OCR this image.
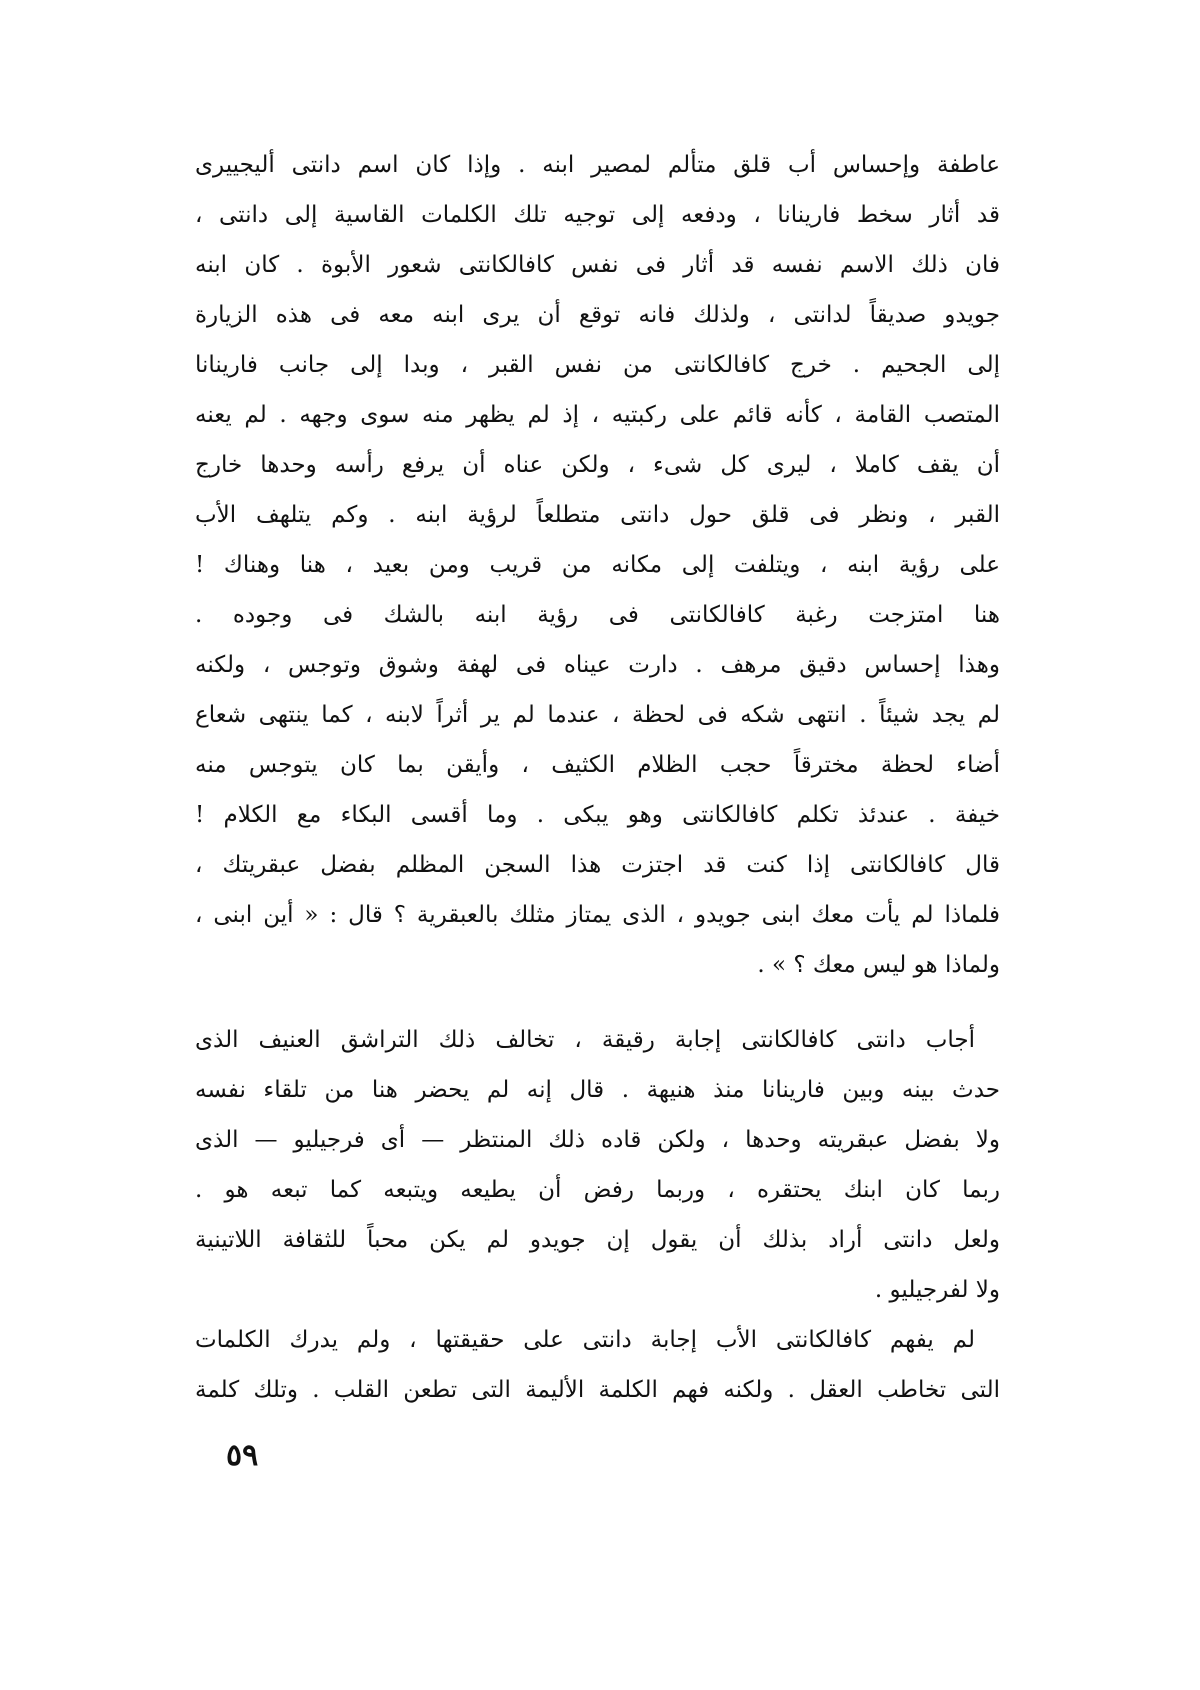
عاطفة وإحساس أب قلق متألم لمصير ابنه . وإذا كان اسم دانتى أليجييرى
قد أثار سخط فارينانا ، ودفعه إلى توجيه تلك الكلمات القاسية إلى دانتى ،
فان ذلك الاسم نفسه قد أثار فى نفس كافالكانتى شعور الأبوة . كان ابنه
جويدو صديقاً لدانتى ، ولذلك فانه توقع أن يرى ابنه معه فى هذه الزيارة
إلى الجحيم . خرج كافالكانتى من نفس القبر ، وبدا إلى جانب فارينانا
المتصب القامة ، كأنه قائم على ركبتيه ، إذ لم يظهر منه سوى وجهه . لم يعنه
أن يقف كاملا ، ليرى كل شىء ، ولكن عناه أن يرفع رأسه وحدها خارج
القبر ، ونظر فى قلق حول دانتى متطلعاً لرؤية ابنه . وكم يتلهف الأب
على رؤية ابنه ، ويتلفت إلى مكانه من قريب ومن بعيد ، هنا وهناك !
هنا امتزجت رغبة كافالكانتى فى رؤية ابنه بالشك فى وجوده .
وهذا إحساس دقيق مرهف . دارت عيناه فى لهفة وشوق وتوجس ، ولكنه
لم يجد شيئاً . انتهى شكه فى لحظة ، عندما لم ير أثراً لابنه ، كما ينتهى شعاع
أضاء لحظة مخترقاً حجب الظلام الكثيف ، وأيقن بما كان يتوجس منه
خيفة . عندئذ تكلم كافالكانتى وهو يبكى . وما أقسى البكاء مع الكلام !
قال كافالكانتى إذا كنت قد اجتزت هذا السجن المظلم بفضل عبقريتك ،
فلماذا لم يأت معك ابنى جويدو ، الذى يمتاز مثلك بالعبقرية ؟ قال : « أين ابنى ،
ولماذا هو ليس معك ؟ » .
أجاب دانتى كافالكانتى إجابة رقيقة ، تخالف ذلك التراشق العنيف الذى
حدث بينه وبين فارينانا منذ هنيهة . قال إنه لم يحضر هنا من تلقاء نفسه
ولا بفضل عبقريته وحدها ، ولكن قاده ذلك المنتظر — أى فرجيليو — الذى
ربما كان ابنك يحتقره ، وربما رفض أن يطيعه ويتبعه كما تبعه هو .
ولعل دانتى أراد بذلك أن يقول إن جويدو لم يكن محباً للثقافة اللاتينية
ولا لفرجيليو .
لم يفهم كافالكانتى الأب إجابة دانتى على حقيقتها ، ولم يدرك الكلمات
التى تخاطب العقل . ولكنه فهم الكلمة الأليمة التى تطعن القلب . وتلك كلمة
٥٩
